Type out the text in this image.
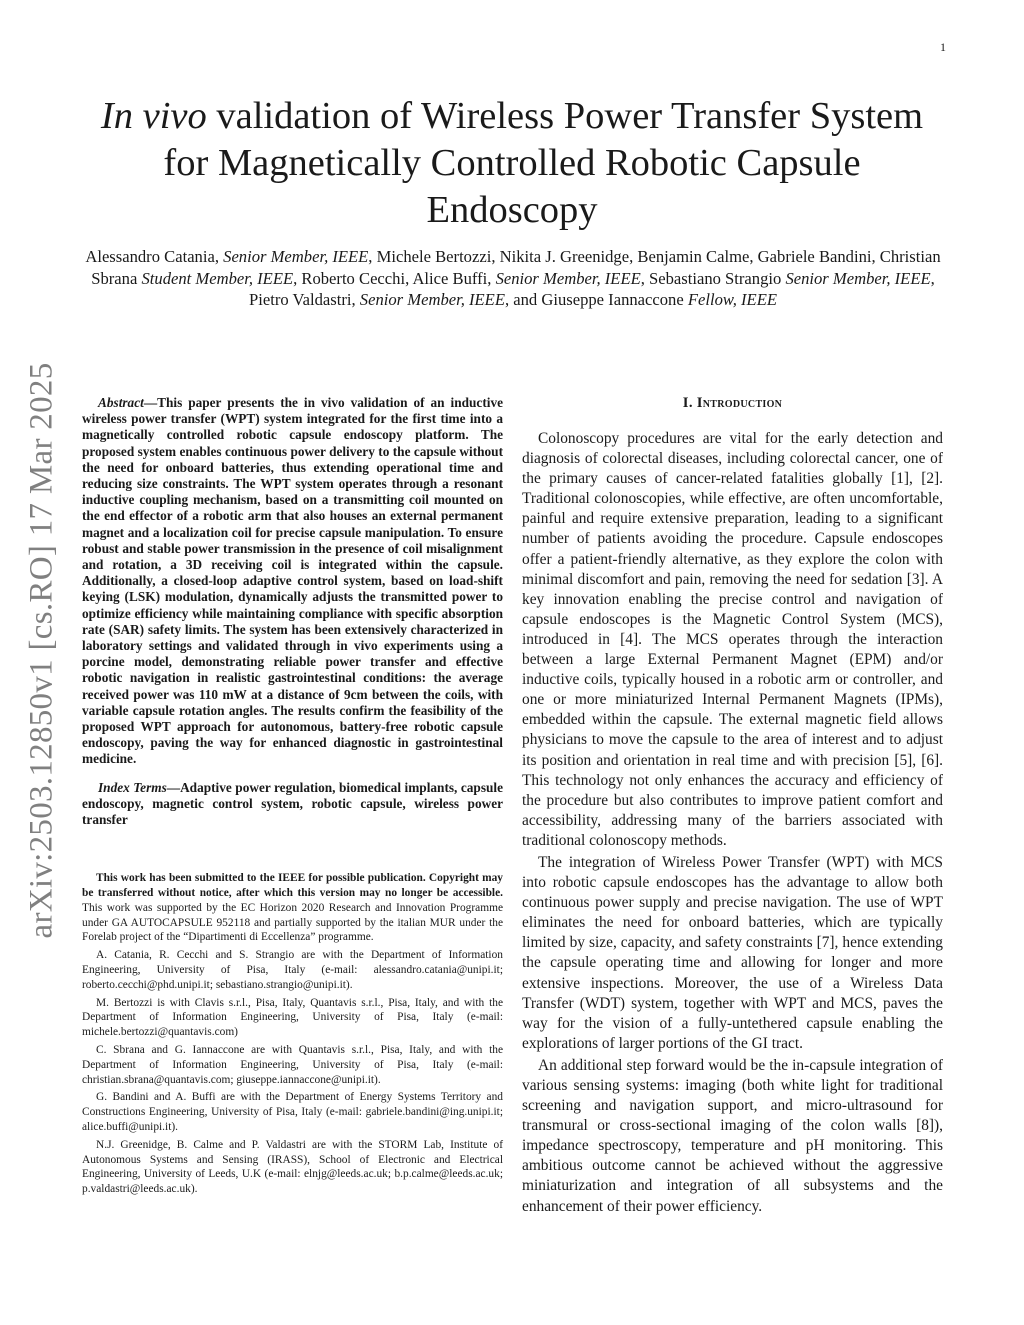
1
arXiv:2503.12850v1 [cs.RO] 17 Mar 2025
In vivo validation of Wireless Power Transfer System for Magnetically Controlled Robotic Capsule Endoscopy
Alessandro Catania, Senior Member, IEEE, Michele Bertozzi, Nikita J. Greenidge, Benjamin Calme, Gabriele Bandini, Christian Sbrana Student Member, IEEE, Roberto Cecchi, Alice Buffi, Senior Member, IEEE, Sebastiano Strangio Senior Member, IEEE, Pietro Valdastri, Senior Member, IEEE, and Giuseppe Iannaccone Fellow, IEEE

Abstract—This paper presents the in vivo validation of an inductive wireless power transfer (WPT) system integrated for the first time into a magnetically controlled robotic capsule endoscopy platform. The proposed system enables continuous power delivery to the capsule without the need for onboard batteries, thus extending operational time and reducing size constraints. The WPT system operates through a resonant inductive coupling mechanism, based on a transmitting coil mounted on the end effector of a robotic arm that also houses an external permanent magnet and a localization coil for precise capsule manipulation. To ensure robust and stable power transmission in the presence of coil misalignment and rotation, a 3D receiving coil is integrated within the capsule. Additionally, a closed-loop adaptive control system, based on load-shift keying (LSK) modulation, dynamically adjusts the transmitted power to optimize efficiency while maintaining compliance with specific absorption rate (SAR) safety limits. The system has been extensively characterized in laboratory settings and validated through in vivo experiments using a porcine model, demonstrating reliable power transfer and effective robotic navigation in realistic gastrointestinal conditions: the average received power was 110 mW at a distance of 9cm between the coils, with variable capsule rotation angles. The results confirm the feasibility of the proposed WPT approach for autonomous, battery-free robotic capsule endoscopy, paving the way for enhanced diagnostic in gastrointestinal medicine.

Index Terms—Adaptive power regulation, biomedical implants, capsule endoscopy, magnetic control system, robotic capsule, wireless power transfer

This work has been submitted to the IEEE for possible publication. Copyright may be transferred without notice, after which this version may no longer be accessible. This work was supported by the EC Horizon 2020 Research and Innovation Programme under GA AUTOCAPSULE 952118 and partially supported by the italian MUR under the Forelab project of the “Dipartimenti di Eccellenza” programme.

A. Catania, R. Cecchi and S. Strangio are with the Department of Information Engineering, University of Pisa, Italy (e-mail: alessandro.catania@unipi.it; roberto.cecchi@phd.unipi.it; sebastiano.strangio@unipi.it).

M. Bertozzi is with Clavis s.r.l., Pisa, Italy, Quantavis s.r.l., Pisa, Italy, and with the Department of Information Engineering, University of Pisa, Italy (e-mail: michele.bertozzi@quantavis.com)

C. Sbrana and G. Iannaccone are with Quantavis s.r.l., Pisa, Italy, and with the Department of Information Engineering, University of Pisa, Italy (e-mail: christian.sbrana@quantavis.com; giuseppe.iannaccone@unipi.it).

G. Bandini and A. Buffi are with the Department of Energy Systems Territory and Constructions Engineering, University of Pisa, Italy (e-mail: gabriele.bandini@ing.unipi.it; alice.buffi@unipi.it).

N.J. Greenidge, B. Calme and P. Valdastri are with the STORM Lab, Institute of Autonomous Systems and Sensing (IRASS), School of Electronic and Electrical Engineering, University of Leeds, U.K (e-mail: elnjg@leeds.ac.uk; b.p.calme@leeds.ac.uk; p.valdastri@leeds.ac.uk).

I. Introduction

Colonoscopy procedures are vital for the early detection and diagnosis of colorectal diseases, including colorectal cancer, one of the primary causes of cancer-related fatalities globally [1], [2]. Traditional colonoscopies, while effective, are often uncomfortable, painful and require extensive preparation, leading to a significant number of patients avoiding the procedure. Capsule endoscopes offer a patient-friendly alternative, as they explore the colon with minimal discomfort and pain, removing the need for sedation [3]. A key innovation enabling the precise control and navigation of capsule endoscopes is the Magnetic Control System (MCS), introduced in [4]. The MCS operates through the interaction between a large External Permanent Magnet (EPM) and/or inductive coils, typically housed in a robotic arm or controller, and one or more miniaturized Internal Permanent Magnets (IPMs), embedded within the capsule. The external magnetic field allows physicians to move the capsule to the area of interest and to adjust its position and orientation in real time and with precision [5], [6]. This technology not only enhances the accuracy and efficiency of the procedure but also contributes to improve patient comfort and accessibility, addressing many of the barriers associated with traditional colonoscopy methods.

The integration of Wireless Power Transfer (WPT) with MCS into robotic capsule endoscopes has the advantage to allow both continuous power supply and precise navigation. The use of WPT eliminates the need for onboard batteries, which are typically limited by size, capacity, and safety constraints [7], hence extending the capsule operating time and allowing for longer and more extensive inspections. Moreover, the use of a Wireless Data Transfer (WDT) system, together with WPT and MCS, paves the way for the vision of a fully-untethered capsule enabling the explorations of larger portions of the GI tract.

An additional step forward would be the in-capsule integration of various sensing systems: imaging (both white light for traditional screening and navigation support, and micro-ultrasound for transmural or cross-sectional imaging of the colon walls [8]), impedance spectroscopy, temperature and pH monitoring. This ambitious outcome cannot be achieved without the aggressive miniaturization and integration of all subsystems and the enhancement of their power efficiency.
